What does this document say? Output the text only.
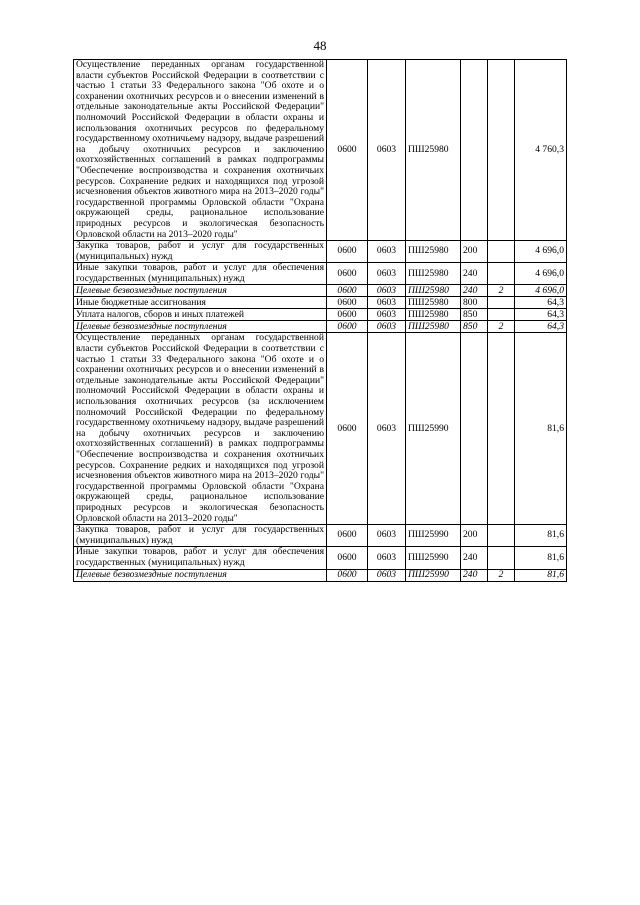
48
Осуществление переданных органам государственной власти субъектов Российской Федерации в соответствии с частью 1 статьи 33 Федерального закона "Об охоте и о сохранении охотничьих ресурсов и о внесении изменений в отдельные законодательные акты Российской Федерации" полномочий Российской Федерации в области охраны и использования охотничьих ресурсов по федеральному государственному охотничьему надзору, выдаче разрешений на добычу охотничьих ресурсов и заключению охотхозяйственных соглашений в рамках подпрограммы "Обеспечение воспроизводства и сохранения охотничьих ресурсов. Сохранение редких и находящихся под угрозой исчезновения объектов животного мира на 2013–2020 годы" государственной программы Орловской области "Охрана окружающей среды, рациональное использование природных ресурсов и экологическая безопасность Орловской области на 2013–2020 годы"	0600	0603	ПШ25980			4 760,3
Закупка товаров, работ и услуг для государственных (муниципальных) нужд	0600	0603	ПШ25980	200		4 696,0
Иные закупки товаров, работ и услуг для обеспечения государственных (муниципальных) нужд	0600	0603	ПШ25980	240		4 696,0
Целевые безвозмездные поступления	0600	0603	ПШ25980	240	2	4 696,0
Иные бюджетные ассигнования	0600	0603	ПШ25980	800		64,3
Уплата налогов, сборов и иных платежей	0600	0603	ПШ25980	850		64,3
Целевые безвозмездные поступления	0600	0603	ПШ25980	850	2	64,3
Осуществление переданных органам государственной власти субъектов Российской Федерации в соответствии с частью 1 статьи 33 Федерального закона "Об охоте и о сохранении охотничьих ресурсов и о внесении изменений в отдельные законодательные акты Российской Федерации" полномочий Российской Федерации в области охраны и использования охотничьих ресурсов (за исключением полномочий Российской Федерации по федеральному государственному охотничьему надзору, выдаче разрешений на добычу охотничьих ресурсов и заключению охотхозяйственных соглашений) в рамках подпрограммы "Обеспечение воспроизводства и сохранения охотничьих ресурсов. Сохранение редких и находящихся под угрозой исчезновения объектов животного мира на 2013–2020 годы" государственной программы Орловской области "Охрана окружающей среды, рациональное использование природных ресурсов и экологическая безопасность Орловской области на 2013–2020 годы"	0600	0603	ПШ25990			81,6
Закупка товаров, работ и услуг для государственных (муниципальных) нужд	0600	0603	ПШ25990	200		81,6
Иные закупки товаров, работ и услуг для обеспечения государственных (муниципальных) нужд	0600	0603	ПШ25990	240		81,6
Целевые безвозмездные поступления	0600	0603	ПШ25990	240	2	81,6
